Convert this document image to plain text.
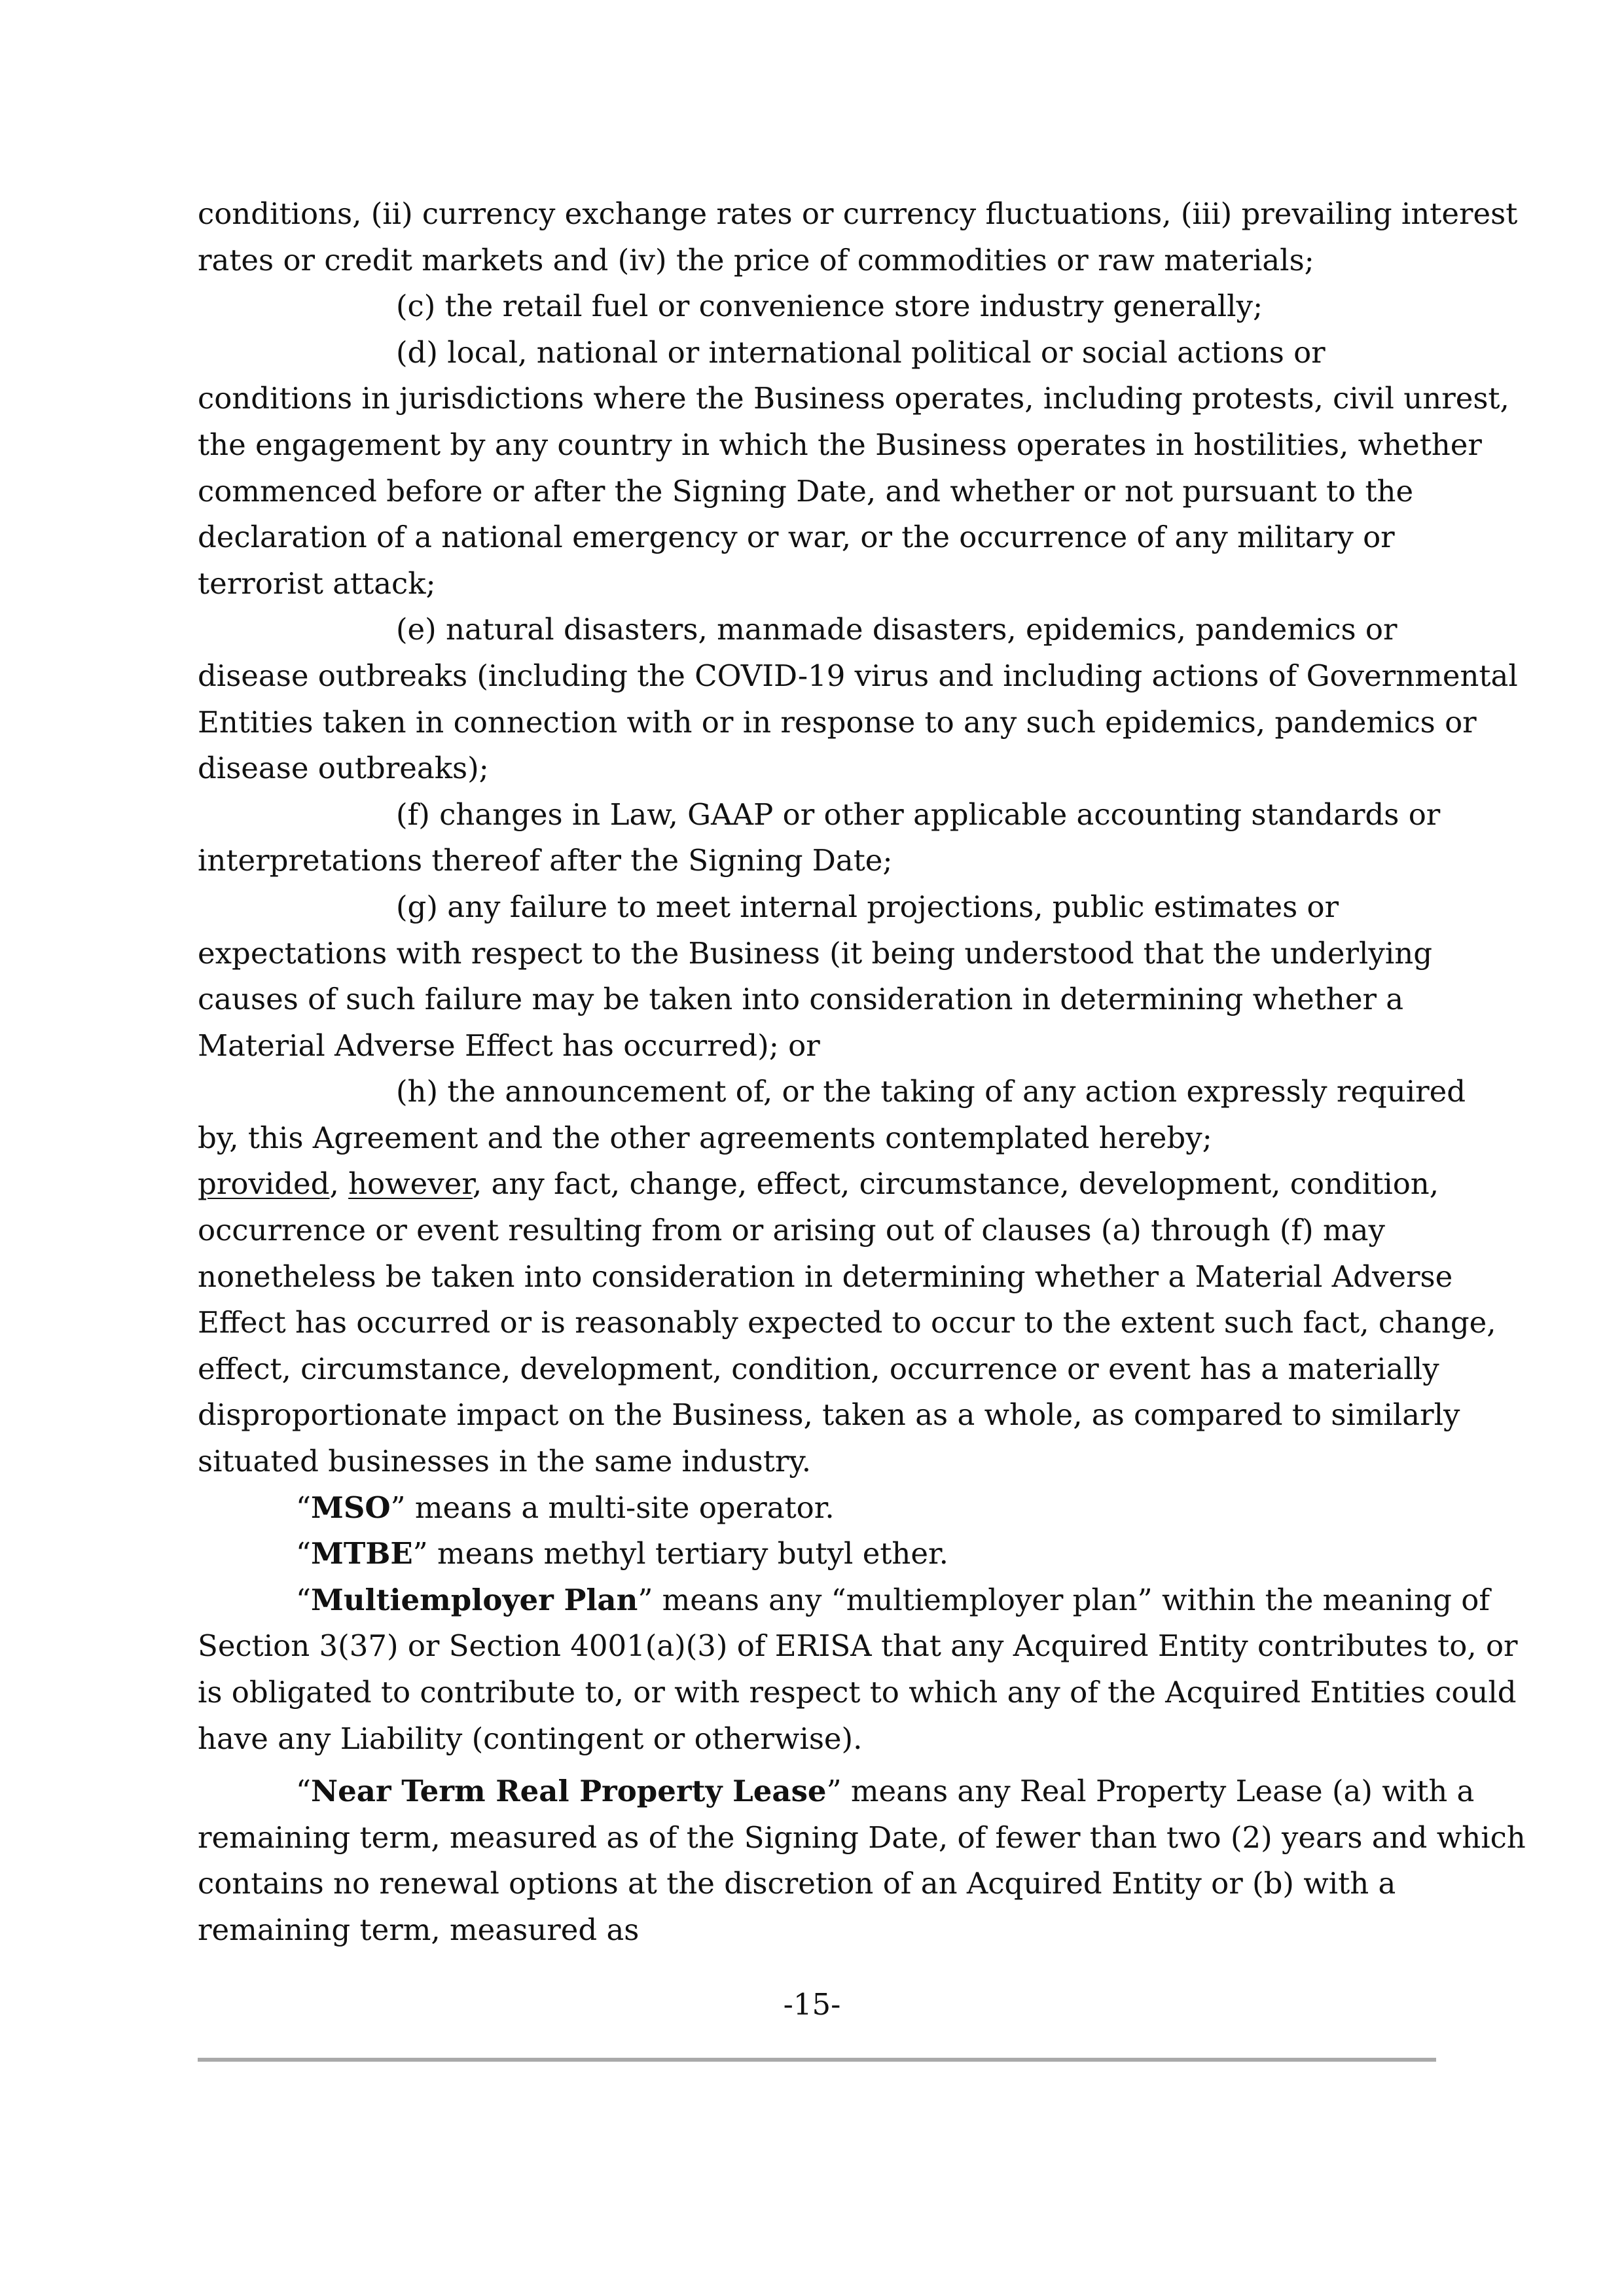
conditions, (ii) currency exchange rates or currency fluctuations, (iii) prevailing interest
rates or credit markets and (iv) the price of commodities or raw materials;
(c) the retail fuel or convenience store industry generally;
(d) local, national or international political or social actions or
conditions in jurisdictions where the Business operates, including protests, civil unrest,
the engagement by any country in which the Business operates in hostilities, whether
commenced before or after the Signing Date, and whether or not pursuant to the
declaration of a national emergency or war, or the occurrence of any military or
terrorist attack;
(e) natural disasters, manmade disasters, epidemics, pandemics or
disease outbreaks (including the COVID-19 virus and including actions of Governmental
Entities taken in connection with or in response to any such epidemics, pandemics or
disease outbreaks);
(f) changes in Law, GAAP or other applicable accounting standards or
interpretations thereof after the Signing Date;
(g) any failure to meet internal projections, public estimates or
expectations with respect to the Business (it being understood that the underlying
causes of such failure may be taken into consideration in determining whether a
Material Adverse Effect has occurred); or
(h) the announcement of, or the taking of any action expressly required
by, this Agreement and the other agreements contemplated hereby;
provided, however, any fact, change, effect, circumstance, development, condition,
occurrence or event resulting from or arising out of clauses (a) through (f) may
nonetheless be taken into consideration in determining whether a Material Adverse
Effect has occurred or is reasonably expected to occur to the extent such fact, change,
effect, circumstance, development, condition, occurrence or event has a materially
disproportionate impact on the Business, taken as a whole, as compared to similarly
situated businesses in the same industry.
“MSO” means a multi-site operator.
“MTBE” means methyl tertiary butyl ether.
“Multiemployer Plan” means any “multiemployer plan” within the meaning of
Section 3(37) or Section 4001(a)(3) of ERISA that any Acquired Entity contributes to, or
is obligated to contribute to, or with respect to which any of the Acquired Entities could
have any Liability (contingent or otherwise).
“Near Term Real Property Lease” means any Real Property Lease (a) with a
remaining term, measured as of the Signing Date, of fewer than two (2) years and which
contains no renewal options at the discretion of an Acquired Entity or (b) with a
remaining term, measured as
-15-
